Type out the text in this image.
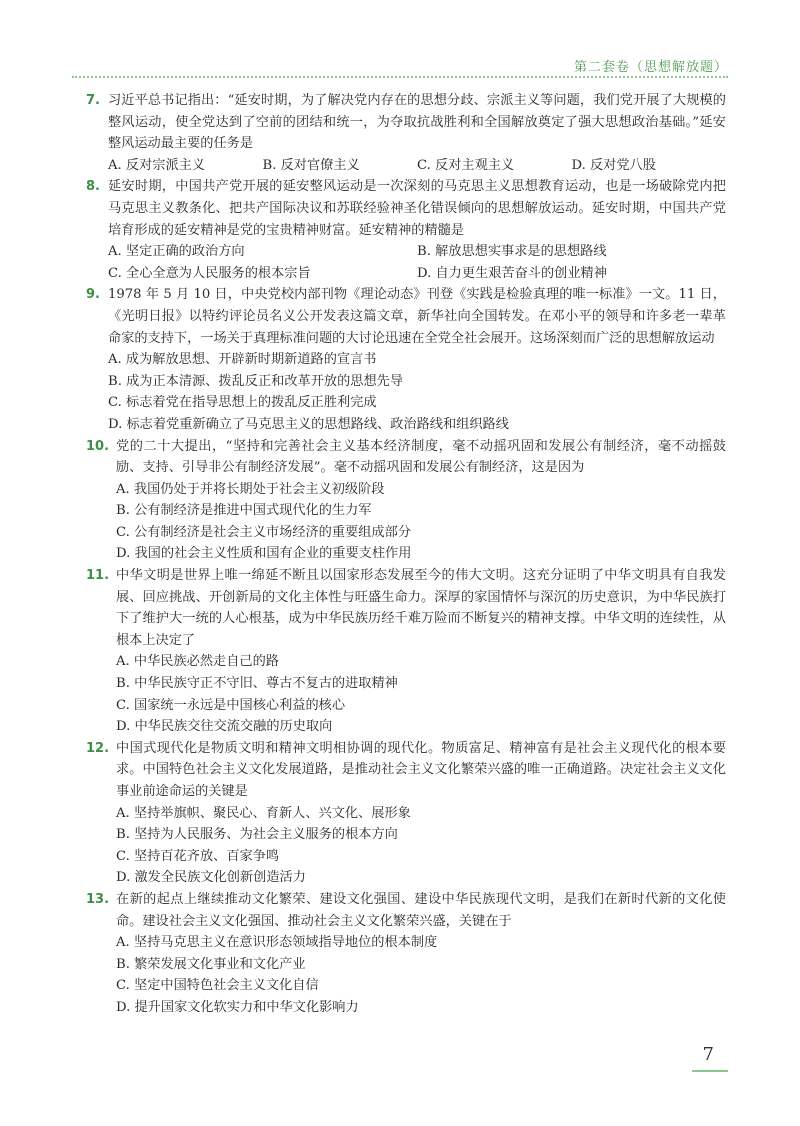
第二套卷（思想解放题）
7. 习近平总书记指出：“延安时期，为了解决党内存在的思想分歧、宗派主义等问题，我们党开展了大规模的整风运动，使全党达到了空前的团结和统一，为夺取抗战胜利和全国解放奠定了强大思想政治基础。”延安整风运动最主要的任务是
A. 反对宗派主义	B. 反对官僚主义	C. 反对主观主义	D. 反对党八股
8. 延安时期，中国共产党开展的延安整风运动是一次深刻的马克思主义思想教育运动，也是一场破除党内把马克思主义教条化、把共产国际决议和苏联经验神圣化错误倾向的思想解放运动。延安时期，中国共产党培育形成的延安精神是党的宝贵精神财富。延安精神的精髓是
A. 坚定正确的政治方向	B. 解放思想实事求是的思想路线
C. 全心全意为人民服务的根本宗旨	D. 自力更生艰苦奋斗的创业精神
9. 1978 年 5 月 10 日，中央党校内部刊物《理论动态》刊登《实践是检验真理的唯一标准》一文。11 日，《光明日报》以特约评论员名义公开发表这篇文章，新华社向全国转发。在邓小平的领导和许多老一辈革命家的支持下，一场关于真理标准问题的大讨论迅速在全党全社会展开。这场深刻而广泛的思想解放运动
A. 成为解放思想、开辟新时期新道路的宣言书
B. 成为正本清源、拨乱反正和改革开放的思想先导
C. 标志着党在指导思想上的拨乱反正胜利完成
D. 标志着党重新确立了马克思主义的思想路线、政治路线和组织路线
10. 党的二十大提出，“坚持和完善社会主义基本经济制度，毫不动摇巩固和发展公有制经济，毫不动摇鼓励、支持、引导非公有制经济发展”。毫不动摇巩固和发展公有制经济，这是因为
A. 我国仍处于并将长期处于社会主义初级阶段
B. 公有制经济是推进中国式现代化的生力军
C. 公有制经济是社会主义市场经济的重要组成部分
D. 我国的社会主义性质和国有企业的重要支柱作用
11. 中华文明是世界上唯一绵延不断且以国家形态发展至今的伟大文明。这充分证明了中华文明具有自我发展、回应挑战、开创新局的文化主体性与旺盛生命力。深厚的家国情怀与深沉的历史意识，为中华民族打下了维护大一统的人心根基，成为中华民族历经千难万险而不断复兴的精神支撑。中华文明的连续性，从根本上决定了
A. 中华民族必然走自己的路
B. 中华民族守正不守旧、尊古不复古的进取精神
C. 国家统一永远是中国核心利益的核心
D. 中华民族交往交流交融的历史取向
12. 中国式现代化是物质文明和精神文明相协调的现代化。物质富足、精神富有是社会主义现代化的根本要求。中国特色社会主义文化发展道路，是推动社会主义文化繁荣兴盛的唯一正确道路。决定社会主义文化事业前途命运的关键是
A. 坚持举旗帜、聚民心、育新人、兴文化、展形象
B. 坚持为人民服务、为社会主义服务的根本方向
C. 坚持百花齐放、百家争鸣
D. 激发全民族文化创新创造活力
13. 在新的起点上继续推动文化繁荣、建设文化强国、建设中华民族现代文明，是我们在新时代新的文化使命。建设社会主义文化强国、推动社会主义文化繁荣兴盛，关键在于
A. 坚持马克思主义在意识形态领域指导地位的根本制度
B. 繁荣发展文化事业和文化产业
C. 坚定中国特色社会主义文化自信
D. 提升国家文化软实力和中华文化影响力
7
